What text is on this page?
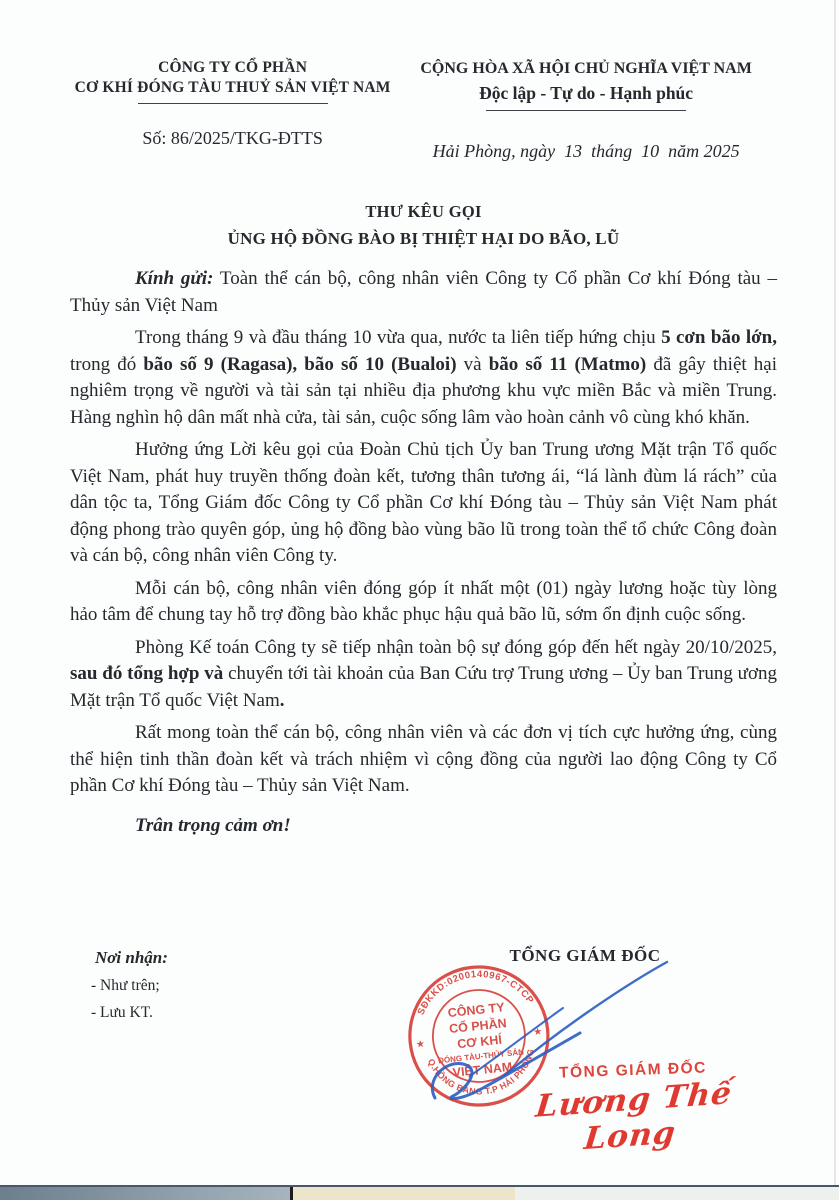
CÔNG TY CỔ PHẦN
CƠ KHÍ ĐÓNG TÀU THUỶ SẢN VIỆT NAM
Số: 86/2025/TKG-ĐTTS
CỘNG HÒA XÃ HỘI CHỦ NGHĨA VIỆT NAM
Độc lập - Tự do - Hạnh phúc
Hải Phòng, ngày  13  tháng  10  năm 2025
THƯ KÊU GỌI
ỦNG HỘ ĐỒNG BÀO BỊ THIỆT HẠI DO BÃO, LŨ

Kính gửi: Toàn thể cán bộ, công nhân viên Công ty Cổ phần Cơ khí Đóng tàu – Thủy sản Việt Nam

Trong tháng 9 và đầu tháng 10 vừa qua, nước ta liên tiếp hứng chịu 5 cơn bão lớn, trong đó bão số 9 (Ragasa), bão số 10 (Bualoi) và bão số 11 (Matmo) đã gây thiệt hại nghiêm trọng về người và tài sản tại nhiều địa phương khu vực miền Bắc và miền Trung. Hàng nghìn hộ dân mất nhà cửa, tài sản, cuộc sống lâm vào hoàn cảnh vô cùng khó khăn.

Hưởng ứng Lời kêu gọi của Đoàn Chủ tịch Ủy ban Trung ương Mặt trận Tổ quốc Việt Nam, phát huy truyền thống đoàn kết, tương thân tương ái, “lá lành đùm lá rách” của dân tộc ta, Tổng Giám đốc Công ty Cổ phần Cơ khí Đóng tàu – Thủy sản Việt Nam phát động phong trào quyên góp, ủng hộ đồng bào vùng bão lũ trong toàn thể tổ chức Công đoàn và cán bộ, công nhân viên Công ty.

Mỗi cán bộ, công nhân viên đóng góp ít nhất một (01) ngày lương hoặc tùy lòng hảo tâm để chung tay hỗ trợ đồng bào khắc phục hậu quả bão lũ, sớm ổn định cuộc sống.

Phòng Kế toán Công ty sẽ tiếp nhận toàn bộ sự đóng góp đến hết ngày 20/10/2025, sau đó tổng hợp và chuyển tới tài khoản của Ban Cứu trợ Trung ương – Ủy ban Trung ương Mặt trận Tổ quốc Việt Nam.

Rất mong toàn thể cán bộ, công nhân viên và các đơn vị tích cực hưởng ứng, cùng thể hiện tinh thần đoàn kết và trách nhiệm vì cộng đồng của người lao động Công ty Cổ phần Cơ khí Đóng tàu – Thủy sản Việt Nam.

Trân trọng cảm ơn!
Nơi nhận:
- Như trên;
- Lưu KT.
TỔNG GIÁM ĐỐC
SĐKKD:0200140967-CTCP
Q.HỒNG BÀNG T.P HẢI PHÒNG
★
★
CÔNG TY
CỔ PHẦN
CƠ KHÍ
ĐÓNG TÀU-THỦY SẢN
VIỆT NAM	TỔNG GIÁM ĐỐC
Lương Thế Long
